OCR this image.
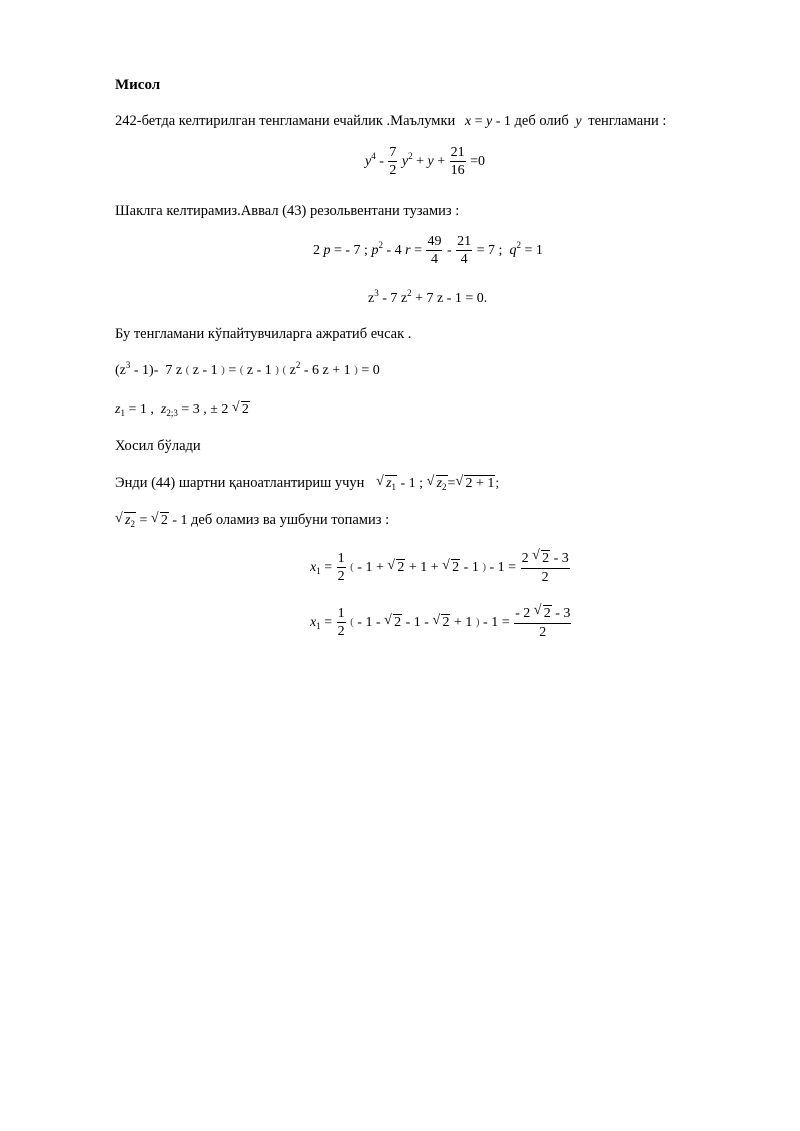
Мисол
242-бетда келтирилган тенгламани ечайлик .Маълумки x = y - 1 деб олиб y тенгламани :
$y^4 - \frac{7}{2} y^2 + y + \frac{21}{16} =0$
Шаклга келтирамиз.Аввал (43) резольвентани тузамиз :
2 p = - 7 ; $p^2 - 4$ $r = \frac{49}{4} - \frac{21}{4} = 7$ ;  $q^2 = 1$
$z^3 - 7$ $z^2 + 7$ z - 1 = 0.
Бу тенгламани кўпайтувчиларга ажратиб ечсак .
$(z^3 - 1)-$  7 z ( z - 1 ) = ( z - 1 ) ( $z^2 - 6$ z + 1 ) = 0
$z_1 = 1$ ,  $z_{2;3} = 3$ , ± 2 √ 2
Хосил бўлади
Энди (44) шартни қаноатлантириш учун √ $z_1 - 1$ ; √ $z_2=√$ 2 + 1;
√ $z_2$ = √ 2 - 1 деб оламиз ва ушбуни топамиз :
$x_1 = \frac{1}{2}$ ( - 1 + √ 2 + 1 + √ 2 - 1 ) - $1 = \frac{2 √ 2 - 3}{2}$
$x_1 = \frac{1}{2}$ ( - 1 - √ 2 - 1 - √ 2 + 1 ) - $1 = \frac{- 2 √ 2 - 3}{2}$
